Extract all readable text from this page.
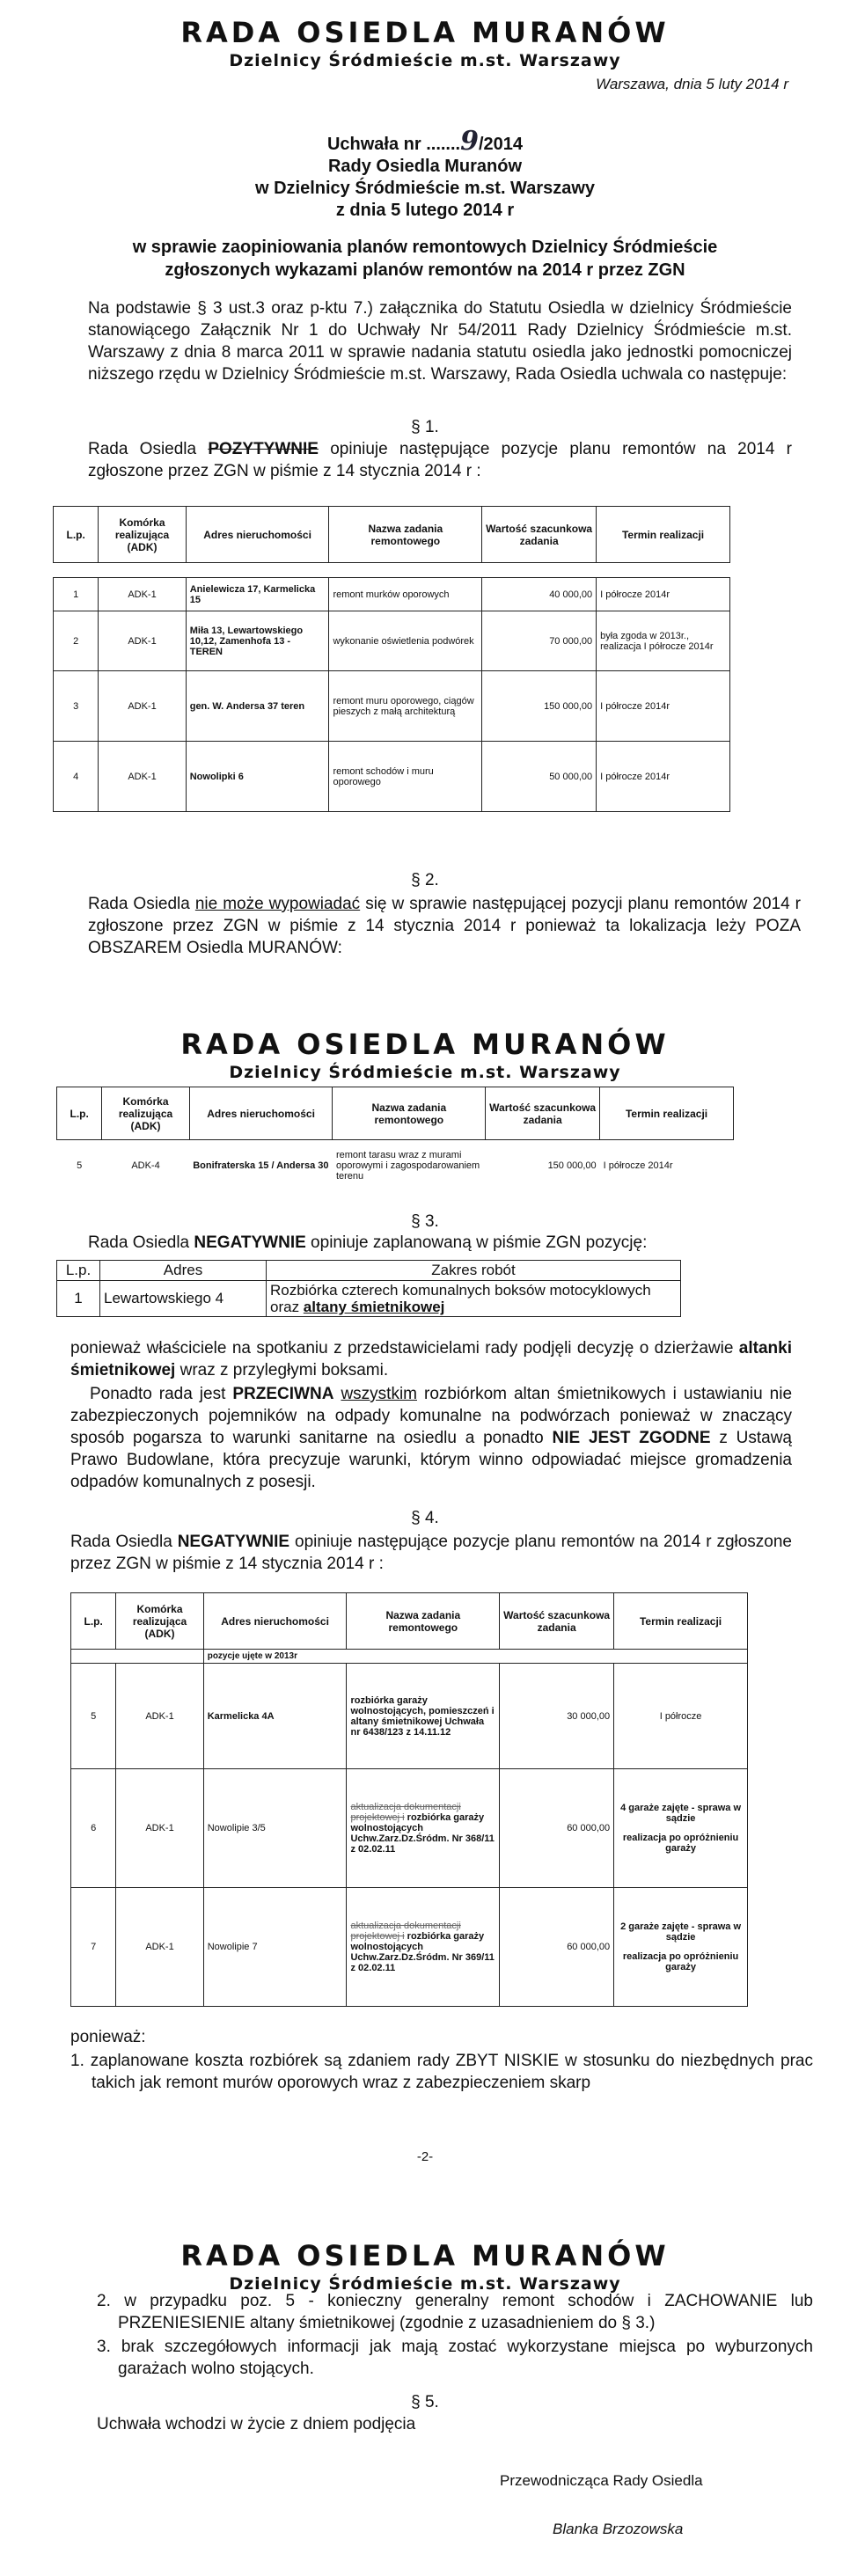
RADA OSIEDLA MURANÓW
Dzielnicy Śródmieście m.st. Warszawy
Warszawa, dnia 5 luty 2014 r
Uchwała nr .......9/2014
Rady Osiedla Muranów
w Dzielnicy Śródmieście m.st. Warszawy
z dnia 5 lutego 2014 r
w sprawie zaopiniowania planów remontowych Dzielnicy Śródmieście
zgłoszonych wykazami planów remontów na 2014 r przez ZGN
Na podstawie § 3 ust.3 oraz p-ktu 7.) załącznika do Statutu Osiedla w dzielnicy Śródmieście stanowiącego Załącznik Nr 1 do Uchwały Nr 54/2011 Rady Dzielnicy Śródmieście m.st. Warszawy z dnia 8 marca 2011 w sprawie nadania statutu osiedla jako jednostki pomocniczej niższego rzędu w Dzielnicy Śródmieście m.st. Warszawy, Rada Osiedla uchwala co następuje:
§ 1.
Rada Osiedla POZYTYWNIE opiniuje następujące pozycje planu remontów na 2014 r zgłoszone przez ZGN w piśmie z 14 stycznia 2014 r :
L.p.	Komórka realizująca (ADK)	Adres nieruchomości	Nazwa zadania remontowego	Wartość szacunkowa zadania	Termin realizacji

1	ADK-1	Anielewicza 17, Karmelicka 15	remont murków oporowych	40 000,00	I półrocze 2014r
2	ADK-1	Miła 13, Lewartowskiego 10,12, Zamenhofa 13 - TEREN	wykonanie oświetlenia podwórek	70 000,00	była zgoda w 2013r., realizacja I półrocze 2014r
3	ADK-1	gen. W. Andersa 37 teren	remont muru oporowego, ciągów pieszych z małą architekturą	150 000,00	I półrocze 2014r
4	ADK-1	Nowolipki 6	remont schodów i muru oporowego	50 000,00	I półrocze 2014r
§ 2.
Rada Osiedla nie może wypowiadać się w sprawie następującej pozycji planu remontów 2014 r zgłoszone przez ZGN w piśmie z 14 stycznia 2014 r ponieważ ta lokalizacja leży POZA OBSZAREM Osiedla MURANÓW:
RADA OSIEDLA MURANÓW
Dzielnicy Śródmieście m.st. Warszawy
L.p.	Komórka realizująca (ADK)	Adres nieruchomości	Nazwa zadania remontowego	Wartość szacunkowa zadania	Termin realizacji
5	ADK-4	Bonifraterska 15 / Andersa 30	remont tarasu wraz z murami oporowymi i zagospodarowaniem terenu	150 000,00	I półrocze 2014r
§ 3.
Rada Osiedla NEGATYWNIE opiniuje zaplanowaną w piśmie ZGN pozycję:
L.p.	Adres	Zakres robót
1	Lewartowskiego 4	Rozbiórka czterech komunalnych boksów motocyklowych oraz altany śmietnikowej
ponieważ właściciele na spotkaniu z przedstawicielami rady podjęli decyzję o dzierżawie altanki śmietnikowej wraz z przyległymi boksami.
Ponadto rada jest PRZECIWNA wszystkim rozbiórkom altan śmietnikowych i ustawianiu nie zabezpieczonych pojemników na odpady komunalne na podwórzach ponieważ w znaczący sposób pogarsza to warunki sanitarne na osiedlu a ponadto NIE JEST ZGODNE z Ustawą Prawo Budowlane, która precyzuje warunki, którym winno odpowiadać miejsce gromadzenia odpadów komunalnych z posesji.
§ 4.
Rada Osiedla NEGATYWNIE opiniuje następujące pozycje planu remontów na 2014 r zgłoszone przez ZGN w piśmie z 14 stycznia 2014 r :
L.p.	Komórka realizująca (ADK)	Adres nieruchomości	Nazwa zadania remontowego	Wartość szacunkowa zadania	Termin realizacji
		pozycje ujęte w 2013r			
5	ADK-1	Karmelicka 4A	rozbiórka garaży wolnostojących, pomieszczeń i altany śmietnikowej Uchwała nr 6438/123 z 14.11.12	30 000,00	I półrocze
6	ADK-1	Nowolipie 3/5	aktualizacja dokumentacji projektowej i rozbiórka garaży wolnostojących Uchw.Zarz.Dz.Śródm. Nr 368/11 z 02.02.11	60 000,00	4 garaże zajęte - sprawa w sądzie
realizacja po opróżnieniu garaży

7	ADK-1	Nowolipie 7	aktualizacja dokumentacji projektowej i rozbiórka garaży wolnostojących Uchw.Zarz.Dz.Śródm. Nr 369/11 z 02.02.11	60 000,00	2 garaże zajęte - sprawa w sądzie
realizacja po opróżnieniu garaży
ponieważ:
1. zaplanowane koszta rozbiórek są zdaniem rady ZBYT NISKIE w stosunku do niezbędnych prac takich jak remont murów oporowych wraz z zabezpieczeniem skarp
-2-
RADA OSIEDLA MURANÓW
Dzielnicy Śródmieście m.st. Warszawy
2. w przypadku poz. 5 - konieczny generalny remont schodów i ZACHOWANIE lub PRZENIESIENIE altany śmietnikowej (zgodnie z uzasadnieniem do § 3.)
3. brak szczegółowych informacji jak mają zostać wykorzystane miejsca po wyburzonych garażach wolno stojących.
§ 5.
Uchwała wchodzi w życie z dniem podjęcia
Przewodnicząca Rady Osiedla
Blanka Brzozowska
